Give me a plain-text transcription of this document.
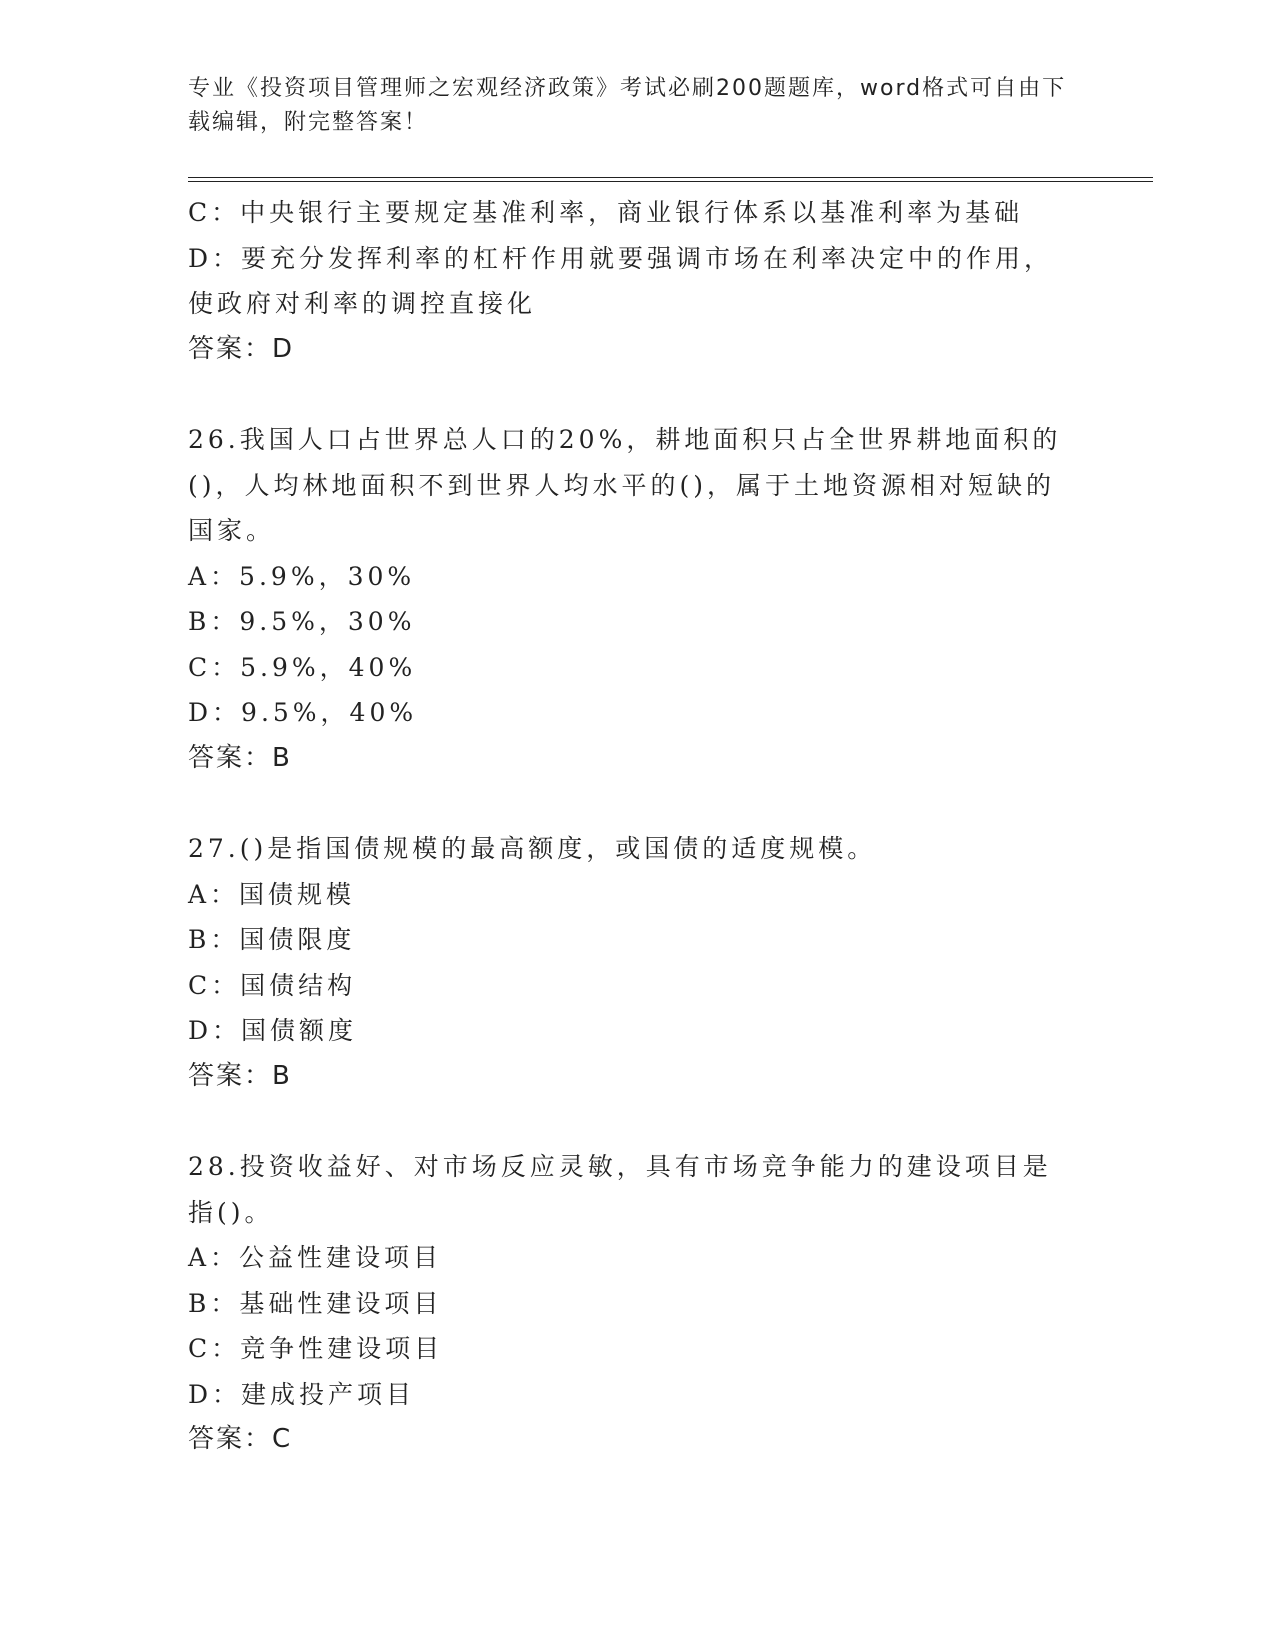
专业《投资项目管理师之宏观经济政策》考试必刷200题题库，word格式可自由下载编辑，附完整答案！

C：中央银行主要规定基准利率，商业银行体系以基准利率为基础

D：要充分发挥利率的杠杆作用就要强调市场在利率决定中的作用，使政府对利率的调控直接化

答案：D

26.我国人口占世界总人口的20%，耕地面积只占全世界耕地面积的()，人均林地面积不到世界人均水平的()，属于土地资源相对短缺的国家。

A：5.9%，30%

B：9.5%，30%

C：5.9%，40%

D：9.5%，40%

答案：B

27.()是指国债规模的最高额度，或国债的适度规模。

A：国债规模

B：国债限度

C：国债结构

D：国债额度

答案：B

28.投资收益好、对市场反应灵敏，具有市场竞争能力的建设项目是指()。

A：公益性建设项目

B：基础性建设项目

C：竞争性建设项目

D：建成投产项目

答案：C
